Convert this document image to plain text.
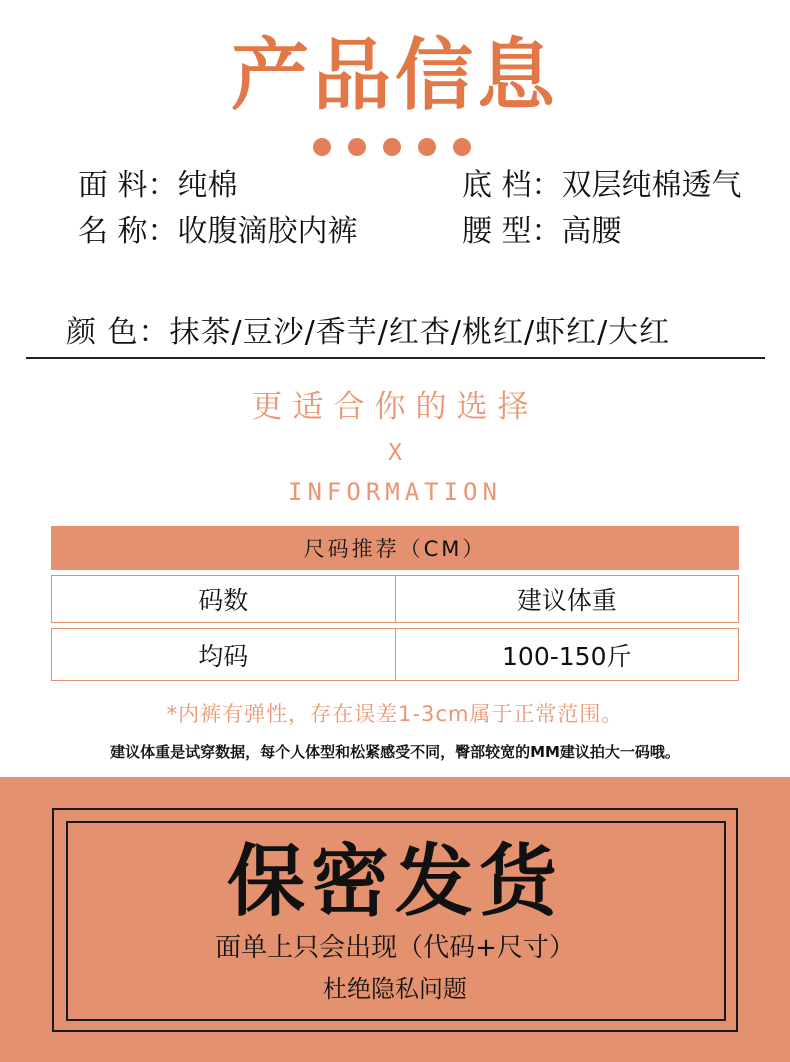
产品信息
面 料：纯棉	底 档：双层纯棉透气
名 称：收腹滴胶内裤	腰 型：高腰
颜 色：抹茶/豆沙/香芋/红杏/桃红/虾红/大红
更适合你的选择
X
INFORMATION
尺码推荐（CM）
码数	建议体重
均码	100-150斤
*内裤有弹性，存在误差1-3cm属于正常范围。
建议体重是试穿数据，每个人体型和松紧感受不同，臀部较宽的MM建议拍大一码哦。
保密发货
面单上只会出现（代码+尺寸）
杜绝隐私问题
